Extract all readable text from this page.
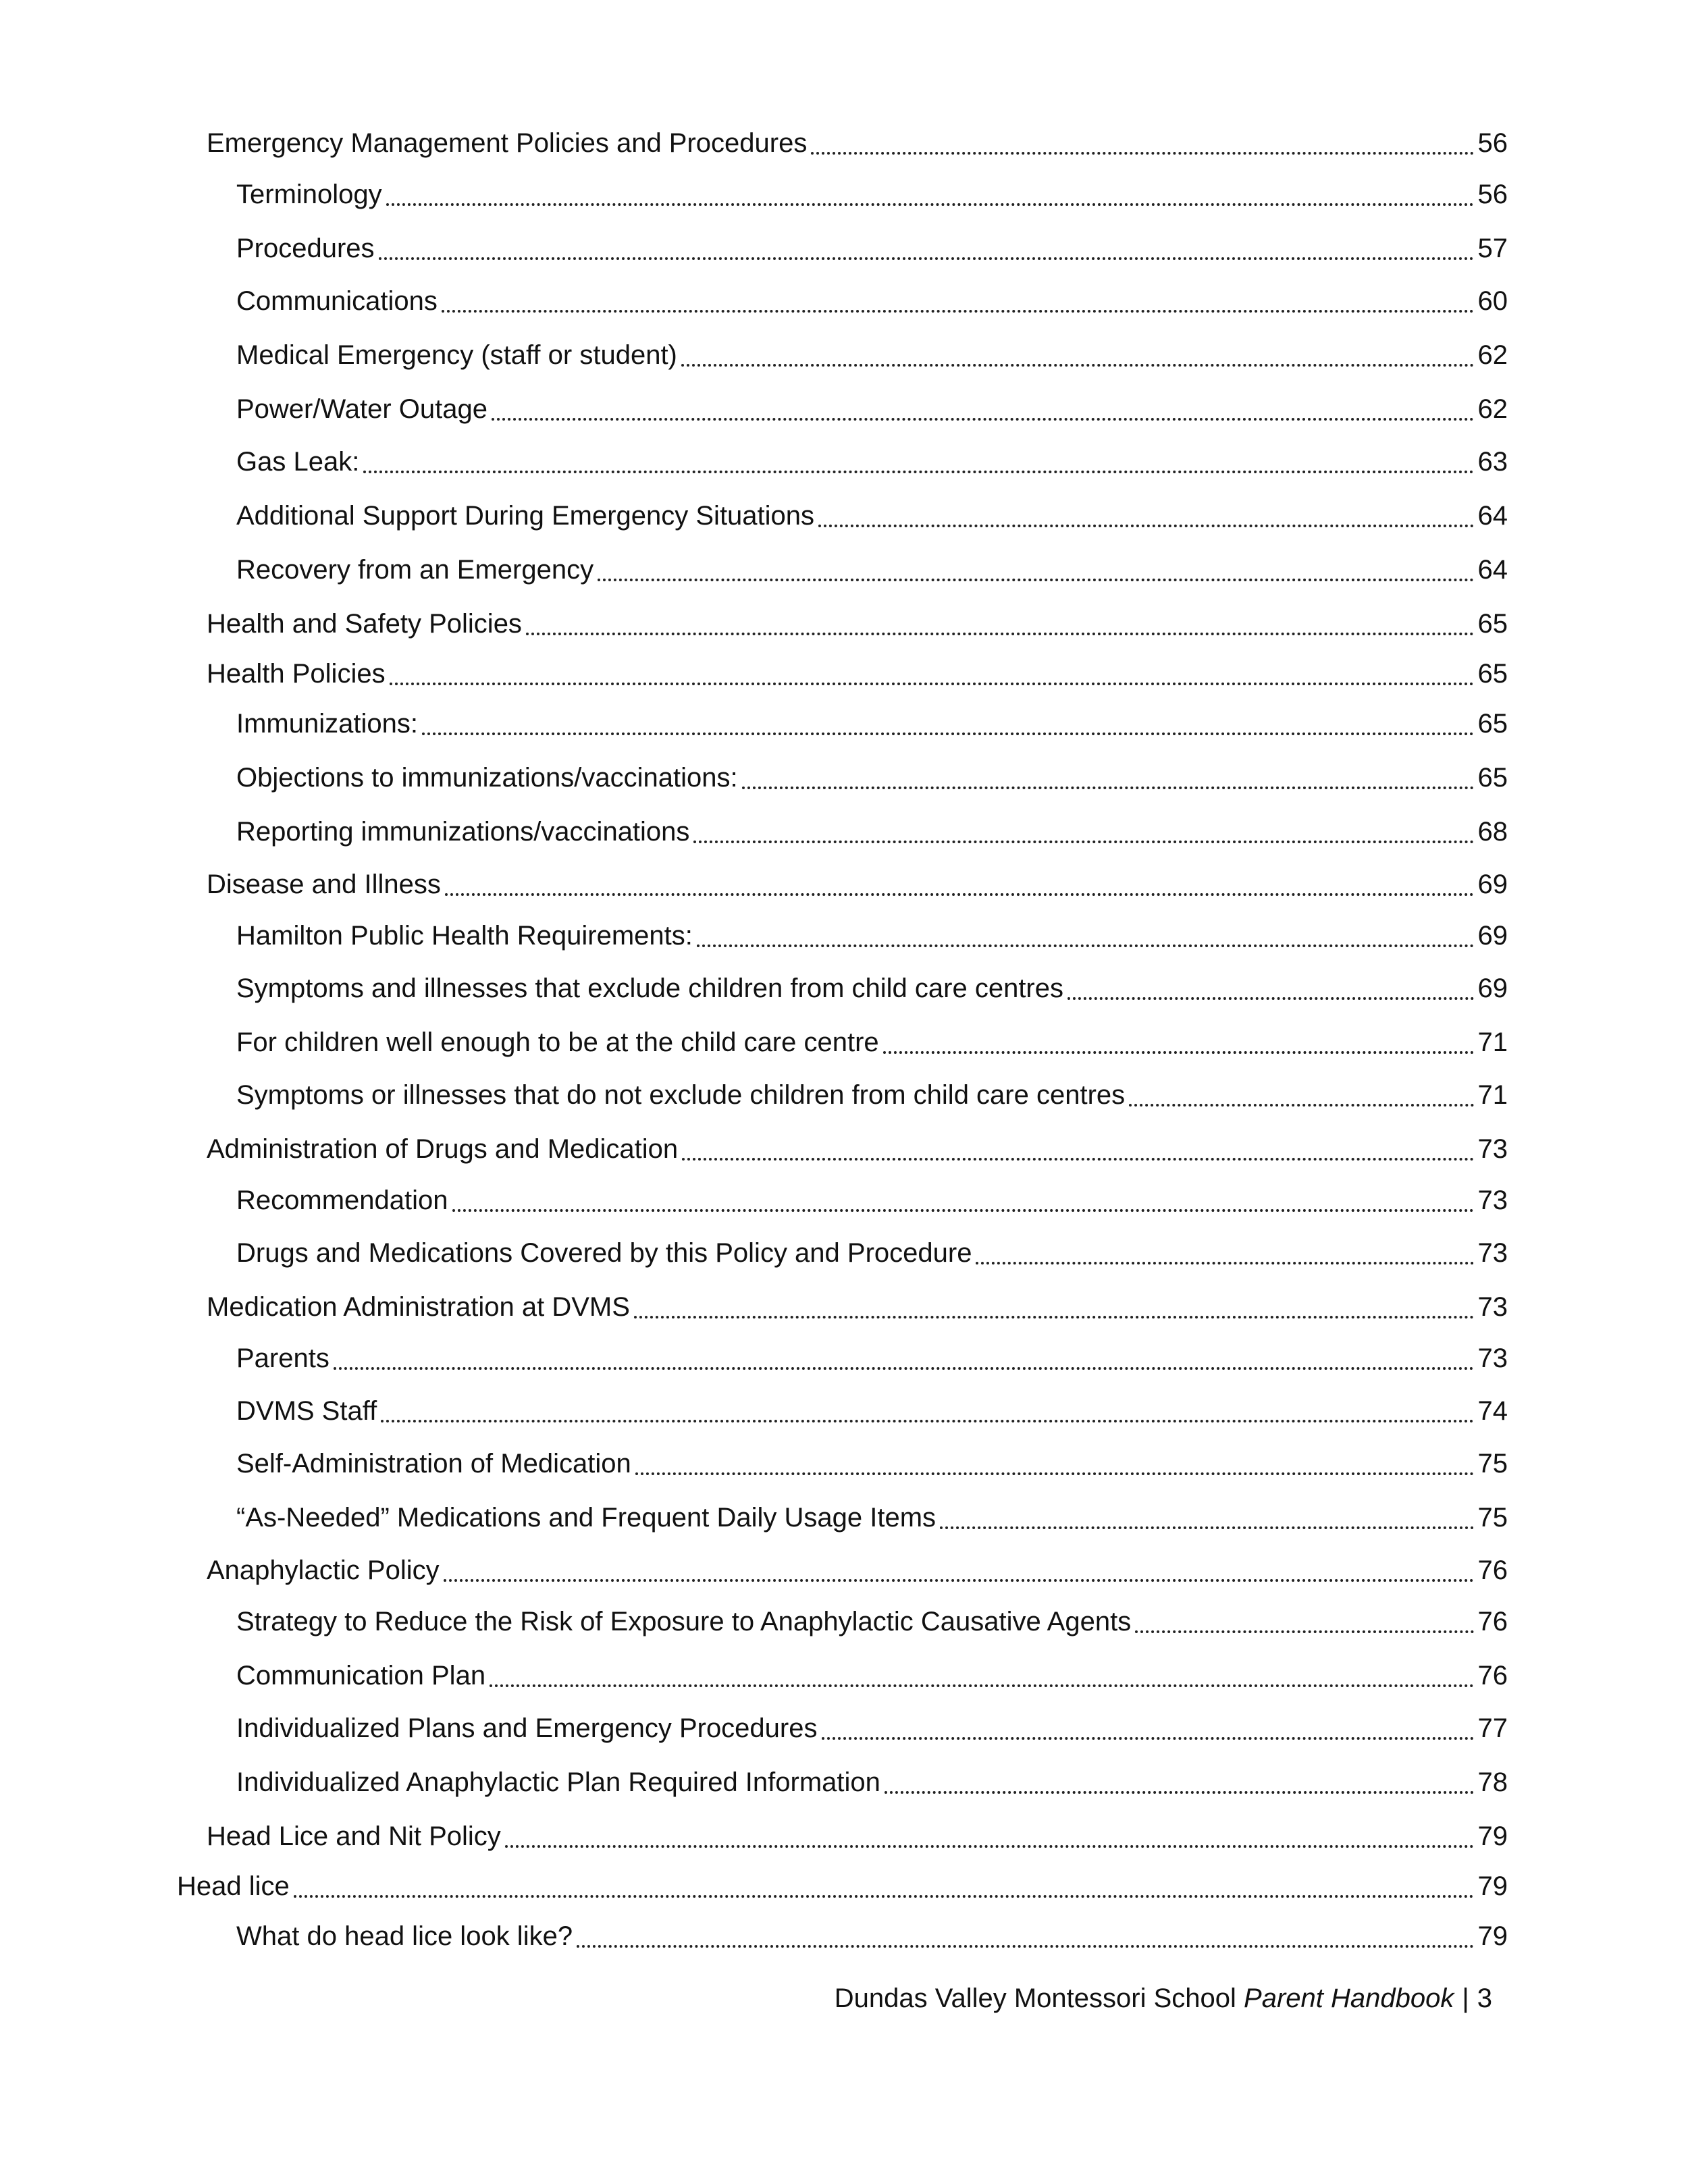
Emergency Management Policies and Procedures	56
Terminology	56
Procedures	57
Communications	60
Medical Emergency (staff or student)	62
Power/Water Outage	62
Gas Leak:	63
Additional Support During Emergency Situations	64
Recovery from an Emergency	64
Health and Safety Policies	65
Health Policies	65
Immunizations:	65
Objections to immunizations/vaccinations:	65
Reporting immunizations/vaccinations	68
Disease and Illness	69
Hamilton Public Health Requirements:	69
Symptoms and illnesses that exclude children from child care centres	69
For children well enough to be at the child care centre	71
Symptoms or illnesses that do not exclude children from child care centres	71
Administration of Drugs and Medication	73
Recommendation	73
Drugs and Medications Covered by this Policy and Procedure	73
Medication Administration at DVMS	73
Parents	73
DVMS Staff	74
Self-Administration of Medication	75
“As-Needed” Medications and Frequent Daily Usage Items	75
Anaphylactic Policy	76
Strategy to Reduce the Risk of Exposure to Anaphylactic Causative Agents	76
Communication Plan	76
Individualized Plans and Emergency Procedures	77
Individualized Anaphylactic Plan Required Information	78
Head Lice and Nit Policy	79
Head lice	79
What do head lice look like?	79
Dundas Valley Montessori School Parent Handbook | 3
